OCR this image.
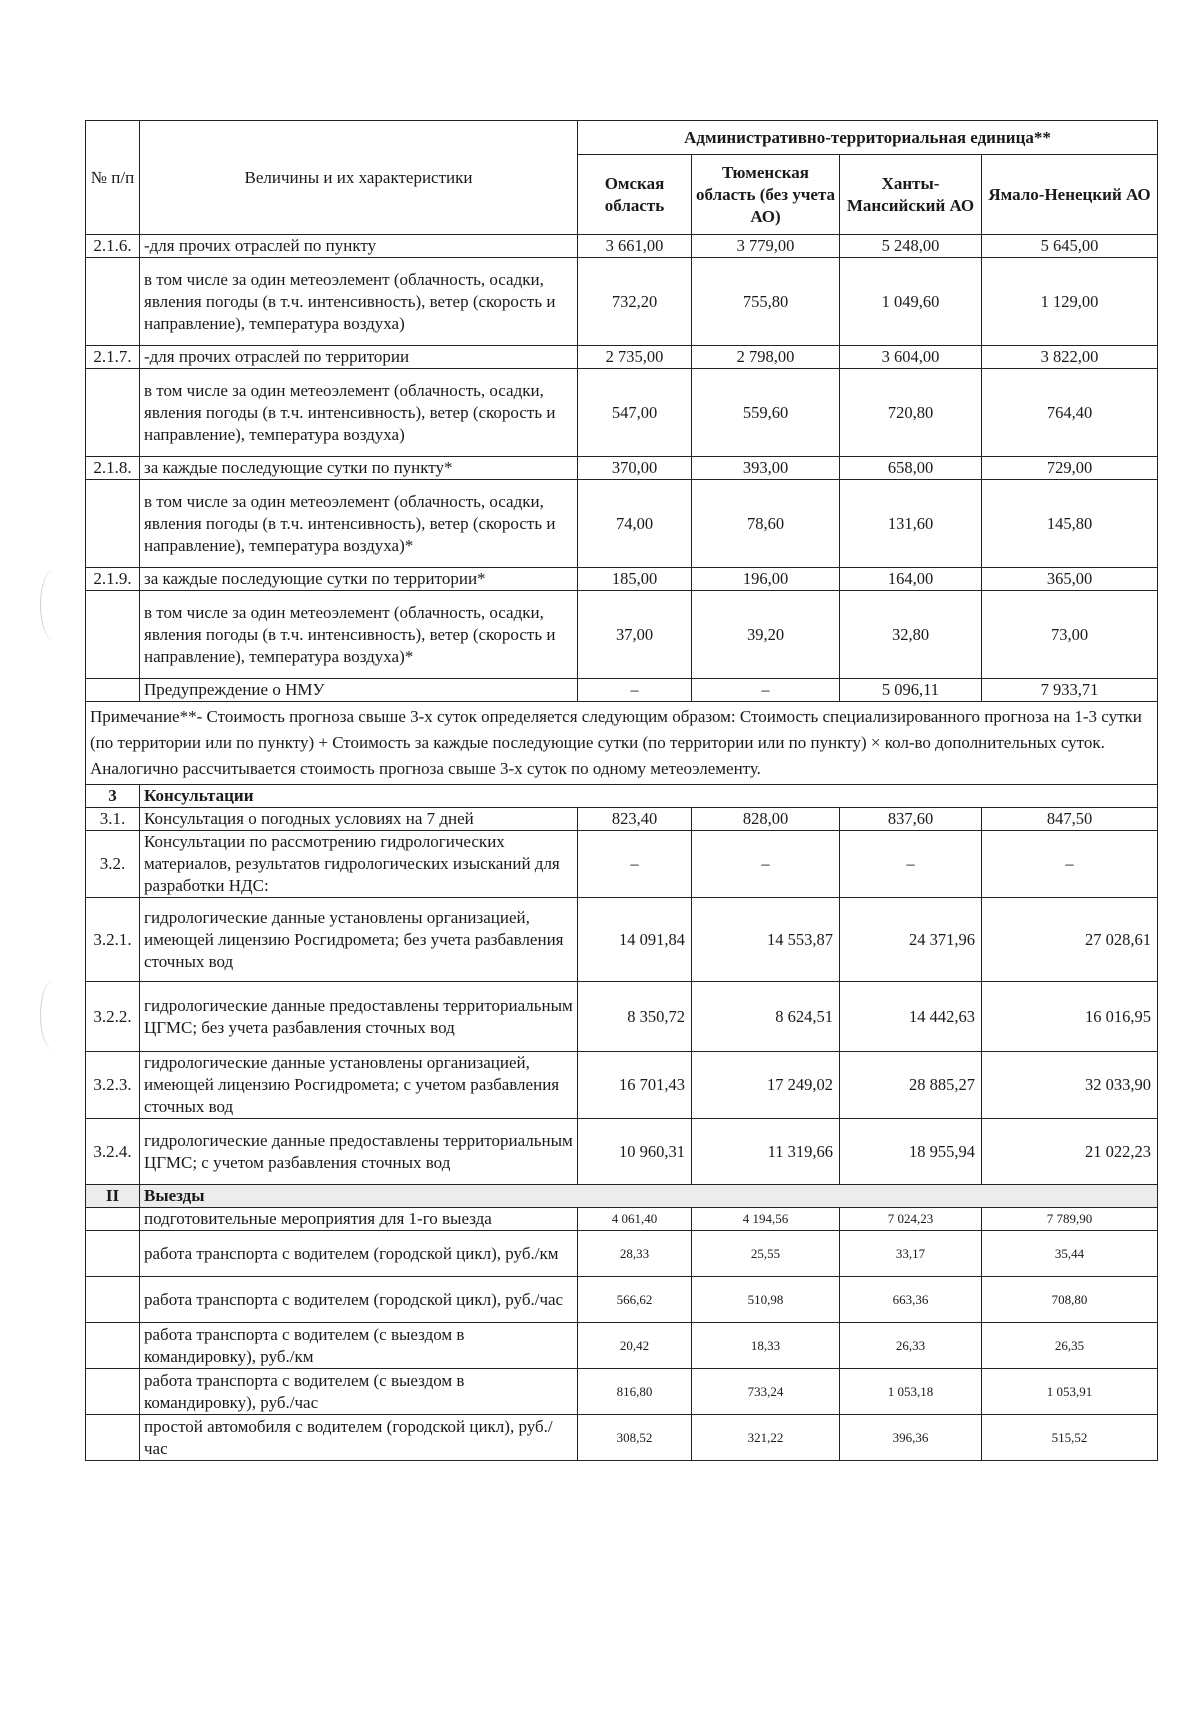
№ п/п	Величины и их характеристики	Административно-территориальная единица**			
		Омская область	Тюменская область (без учета АО)	Ханты-Мансийский АО	Ямало-Ненецкий АО
2.1.6.	-для прочих отраслей по пункту	3 661,00	3 779,00	5 248,00	5 645,00
	в том числе за один метеоэлемент (облачность, осадки, явления погоды (в т.ч. интенсивность), ветер (скорость и направление), температура воздуха)	732,20	755,80	1 049,60	1 129,00
2.1.7.	-для прочих отраслей по территории	2 735,00	2 798,00	3 604,00	3 822,00
	в том числе за один метеоэлемент (облачность, осадки, явления погоды (в т.ч. интенсивность), ветер (скорость и направление), температура воздуха)	547,00	559,60	720,80	764,40
2.1.8.	за каждые последующие сутки по пункту*	370,00	393,00	658,00	729,00
	в том числе за один метеоэлемент (облачность, осадки, явления погоды (в т.ч. интенсивность), ветер (скорость и направление), температура воздуха)*	74,00	78,60	131,60	145,80
2.1.9.	за каждые последующие сутки по территории*	185,00	196,00	164,00	365,00
	в том числе за один метеоэлемент (облачность, осадки, явления погоды (в т.ч. интенсивность), ветер (скорость и направление), температура воздуха)*	37,00	39,20	32,80	73,00
	Предупреждение о НМУ	–	–	5 096,11	7 933,71
Примечание**- Стоимость прогноза свыше 3-х суток определяется следующим образом: Стоимость специализированного прогноза на 1-3 сутки (по территории или по пункту) + Стоимость за каждые последующие сутки (по территории или по пункту) × кол-во дополнительных суток. Аналогично рассчитывается стоимость прогноза свыше 3-х суток по одному метеоэлементу.					
3	Консультации				
3.1.	Консультация о погодных условиях на 7 дней	823,40	828,00	837,60	847,50
3.2.	Консультации по рассмотрению гидрологических материалов, результатов гидрологических изысканий для разработки НДС:	–	–	–	–
3.2.1.	гидрологические данные установлены организацией, имеющей лицензию Росгидромета; без учета разбавления сточных вод	14 091,84	14 553,87	24 371,96	27 028,61
3.2.2.	гидрологические данные предоставлены территориальным ЦГМС; без учета разбавления сточных вод	8 350,72	8 624,51	14 442,63	16 016,95
3.2.3.	гидрологические данные установлены организацией, имеющей лицензию Росгидромета; с учетом разбавления сточных вод	16 701,43	17 249,02	28 885,27	32 033,90
3.2.4.	гидрологические данные предоставлены территориальным ЦГМС; с учетом разбавления сточных вод	10 960,31	11 319,66	18 955,94	21 022,23
II	Выезды				
	подготовительные мероприятия для 1-го выезда	4 061,40	4 194,56	7 024,23	7 789,90
	работа транспорта с водителем (городской цикл), руб./км	28,33	25,55	33,17	35,44
	работа транспорта с водителем (городской цикл), руб./час	566,62	510,98	663,36	708,80
	работа транспорта с водителем (с выездом в командировку), руб./км	20,42	18,33	26,33	26,35
	работа транспорта с водителем (с выездом в командировку), руб./час	816,80	733,24	1 053,18	1 053,91
	простой автомобиля с водителем (городской цикл), руб./час	308,52	321,22	396,36	515,52
